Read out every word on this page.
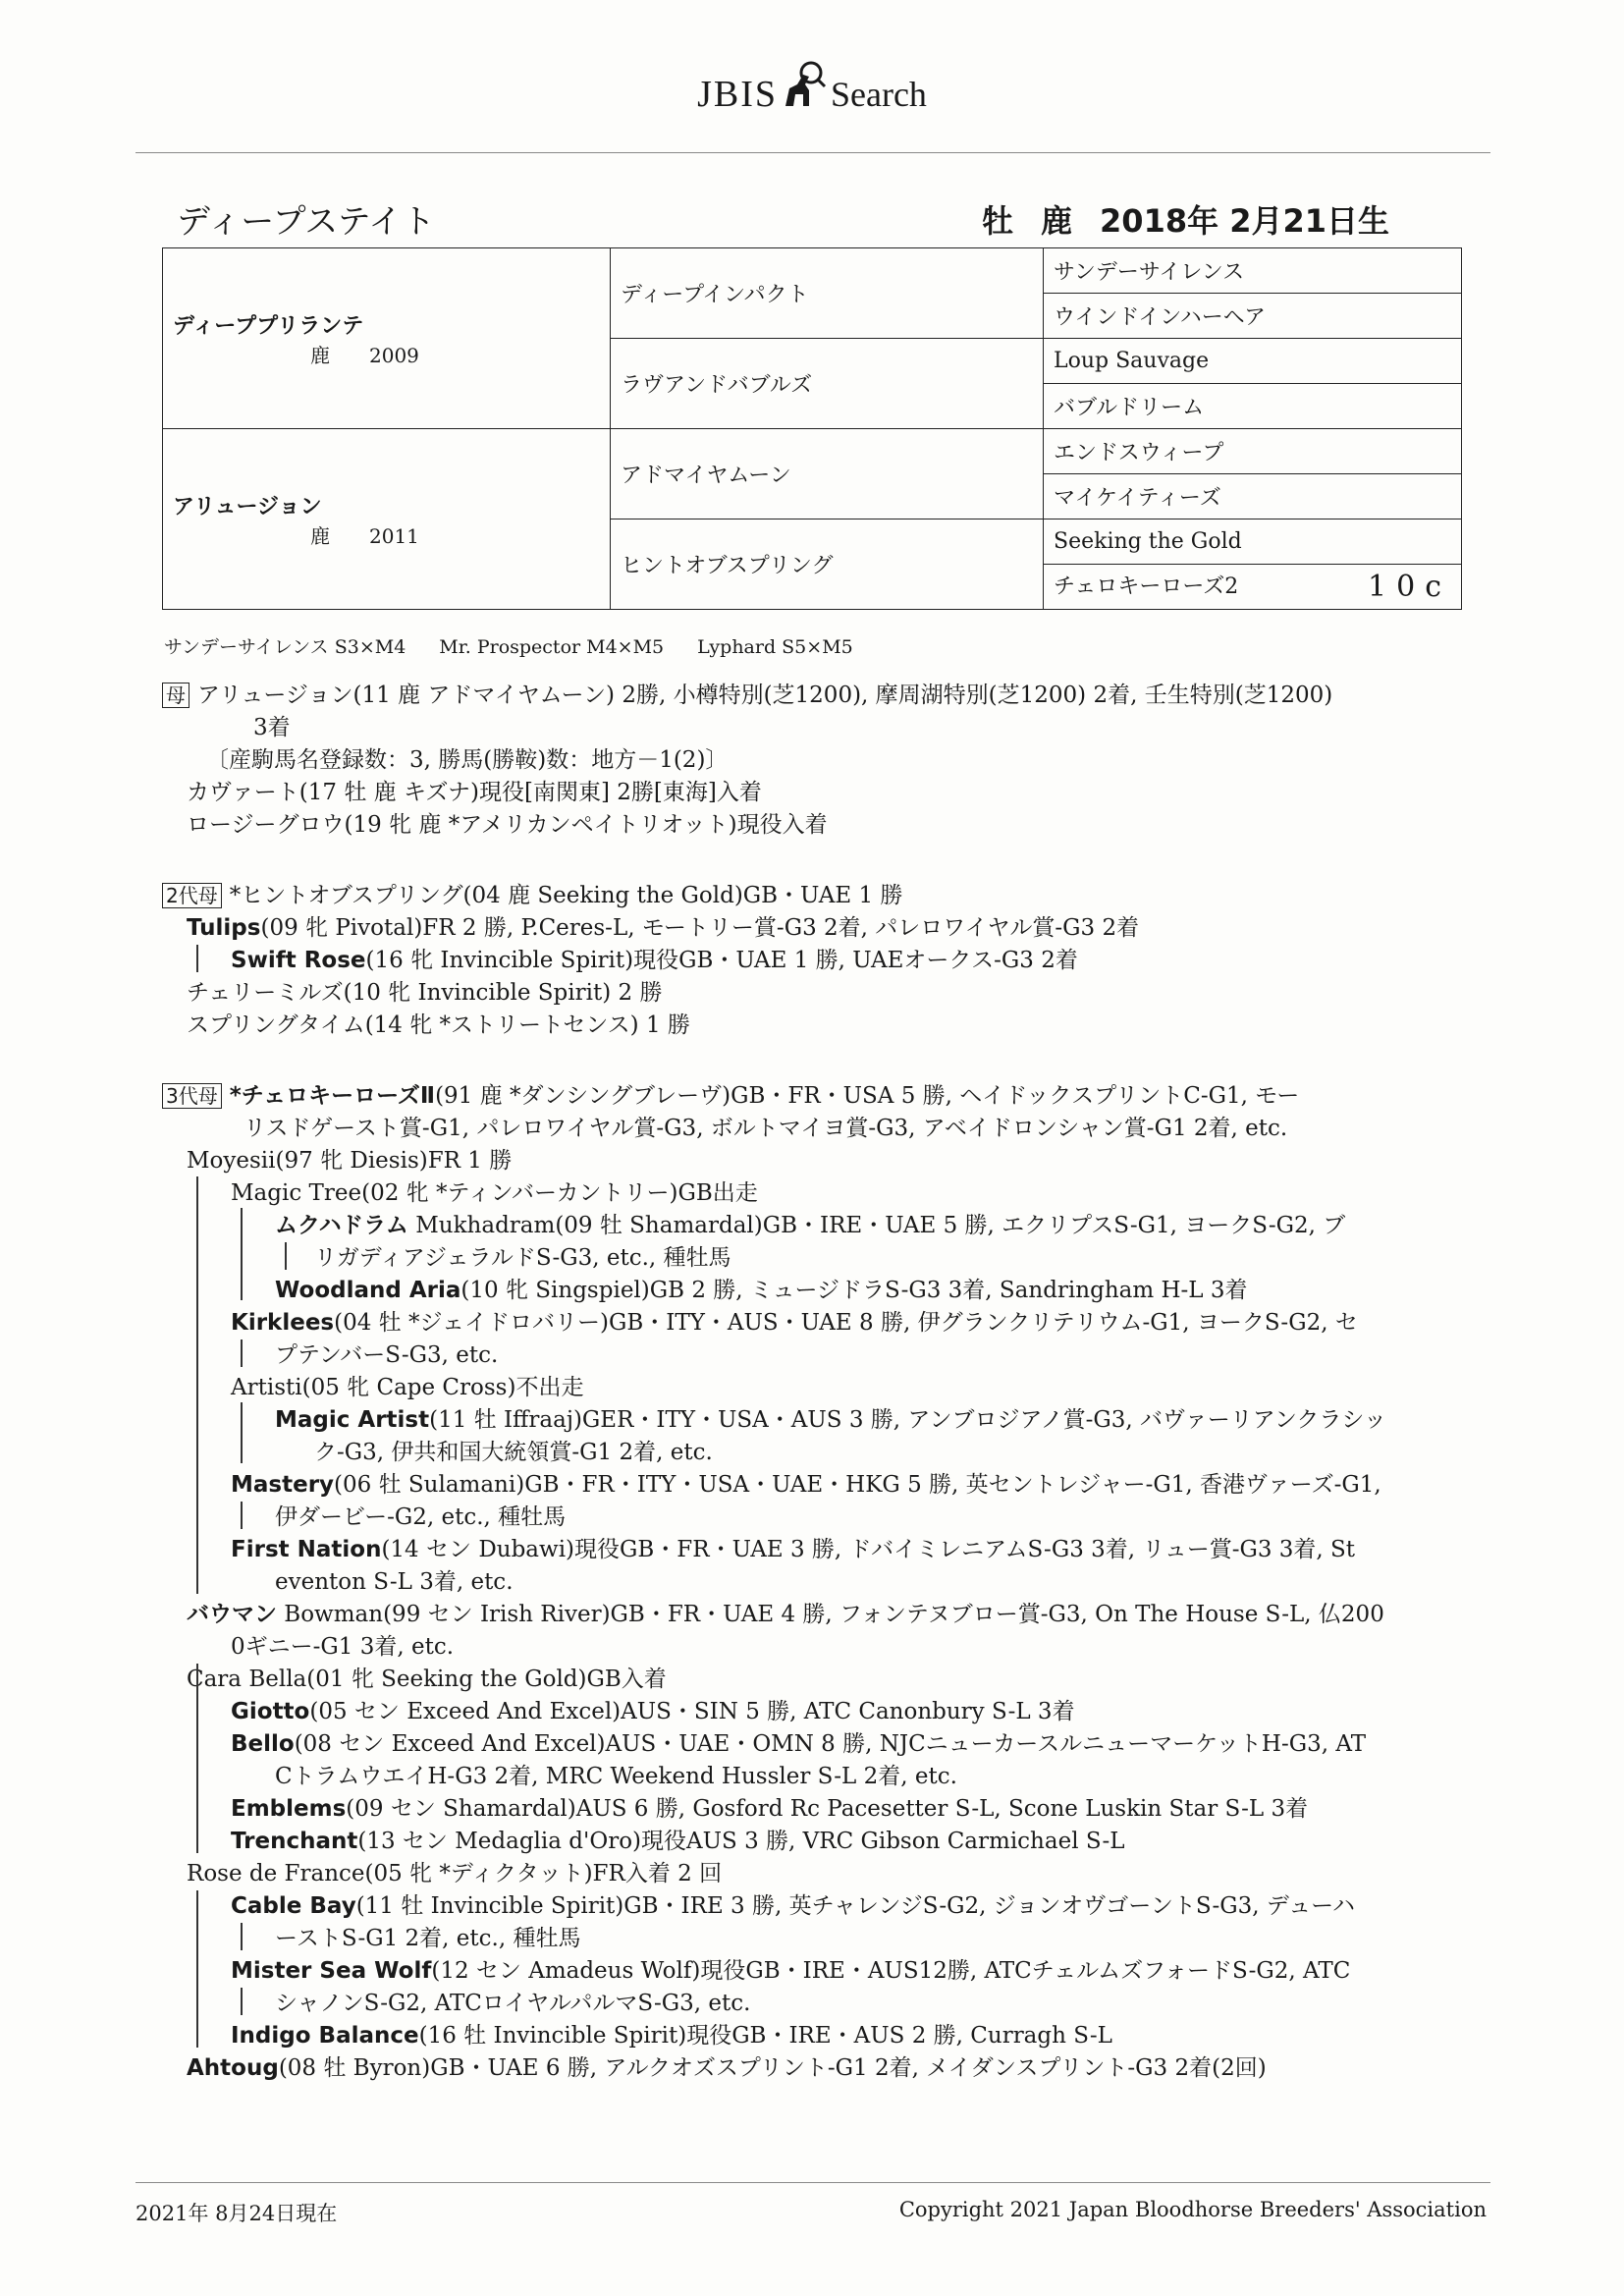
JBIS Search
ディープステイト	牡 鹿 2018年 2月21日生
ディーププリランテ
鹿 2009	ディープインパクト	サンデーサイレンス
		ウインドインハーヘア
	ラヴアンドバブルズ	Loup Sauvage
		バブルドリーム

アリュージョン
鹿 2011	アドマイヤムーン	エンドスウィープ
		マイケイティーズ
	ヒントオブスプリング	Seeking the Gold
		チェロキーローズ2 10c
サンデーサイレンス S3×M4 Mr. Prospector M4×M5 Lyphard S5×M5
母 アリュージョン(11 鹿 アドマイヤムーン) 2勝, 小樽特別(芝1200), 摩周湖特別(芝1200) 2着, 壬生特別(芝1200)
3着
〔産駒馬名登録数：3, 勝馬(勝鞍)数：地方－1(2)〕
カヴァート(17 牡 鹿 キズナ)現役[南関東] 2勝[東海]入着
ロージーグロウ(19 牝 鹿 *アメリカンペイトリオット)現役入着
2代母 *ヒントオブスプリング(04 鹿 Seeking the Gold)GB・UAE 1 勝
Tulips(09 牝 Pivotal)FR 2 勝, P.Ceres-L, モートリー賞-G3 2着, パレロワイヤル賞-G3 2着
Swift Rose(16 牝 Invincible Spirit)現役GB・UAE 1 勝, UAEオークス-G3 2着
チェリーミルズ(10 牝 Invincible Spirit) 2 勝
スプリングタイム(14 牝 *ストリートセンス) 1 勝
3代母 *チェロキーローズⅡ(91 鹿 *ダンシングブレーヴ)GB・FR・USA 5 勝, ヘイドックスプリントC-G1, モー
リスドゲースト賞-G1, パレロワイヤル賞-G3, ボルトマイヨ賞-G3, アベイドロンシャン賞-G1 2着, etc.
Moyesii(97 牝 Diesis)FR 1 勝
Magic Tree(02 牝 *ティンバーカントリー)GB出走
ムクハドラム Mukhadram(09 牡 Shamardal)GB・IRE・UAE 5 勝, エクリプスS-G1, ヨークS-G2, ブ
リガディアジェラルドS-G3, etc., 種牡馬
Woodland Aria(10 牝 Singspiel)GB 2 勝, ミュージドラS-G3 3着, Sandringham H-L 3着
Kirklees(04 牡 *ジェイドロバリー)GB・ITY・AUS・UAE 8 勝, 伊グランクリテリウム-G1, ヨークS-G2, セ
プテンバーS-G3, etc.
Artisti(05 牝 Cape Cross)不出走
Magic Artist(11 牡 Iffraaj)GER・ITY・USA・AUS 3 勝, アンブロジアノ賞-G3, バヴァーリアンクラシッ
ク-G3, 伊共和国大統領賞-G1 2着, etc.
Mastery(06 牡 Sulamani)GB・FR・ITY・USA・UAE・HKG 5 勝, 英セントレジャー-G1, 香港ヴァーズ-G1,
伊ダービー-G2, etc., 種牡馬
First Nation(14 セン Dubawi)現役GB・FR・UAE 3 勝, ドバイミレニアムS-G3 3着, リュー賞-G3 3着, St
eventon S-L 3着, etc.
バウマン Bowman(99 セン Irish River)GB・FR・UAE 4 勝, フォンテヌブロー賞-G3, On The House S-L, 仏200
0ギニー-G1 3着, etc.
Cara Bella(01 牝 Seeking the Gold)GB入着
Giotto(05 セン Exceed And Excel)AUS・SIN 5 勝, ATC Canonbury S-L 3着
Bello(08 セン Exceed And Excel)AUS・UAE・OMN 8 勝, NJCニューカースルニューマーケットH-G3, AT
CトラムウエイH-G3 2着, MRC Weekend Hussler S-L 2着, etc.
Emblems(09 セン Shamardal)AUS 6 勝, Gosford Rc Pacesetter S-L, Scone Luskin Star S-L 3着
Trenchant(13 セン Medaglia d'Oro)現役AUS 3 勝, VRC Gibson Carmichael S-L
Rose de France(05 牝 *ディクタット)FR入着 2 回
Cable Bay(11 牡 Invincible Spirit)GB・IRE 3 勝, 英チャレンジS-G2, ジョンオヴゴーントS-G3, デューハ
ーストS-G1 2着, etc., 種牡馬
Mister Sea Wolf(12 セン Amadeus Wolf)現役GB・IRE・AUS12勝, ATCチェルムズフォードS-G2, ATC
シャノンS-G2, ATCロイヤルパルマS-G3, etc.
Indigo Balance(16 牡 Invincible Spirit)現役GB・IRE・AUS 2 勝, Curragh S-L
Ahtoug(08 牡 Byron)GB・UAE 6 勝, アルクオズスプリント-G1 2着, メイダンスプリント-G3 2着(2回)
2021年 8月24日現在	Copyright 2021 Japan Bloodhorse Breeders' Association
